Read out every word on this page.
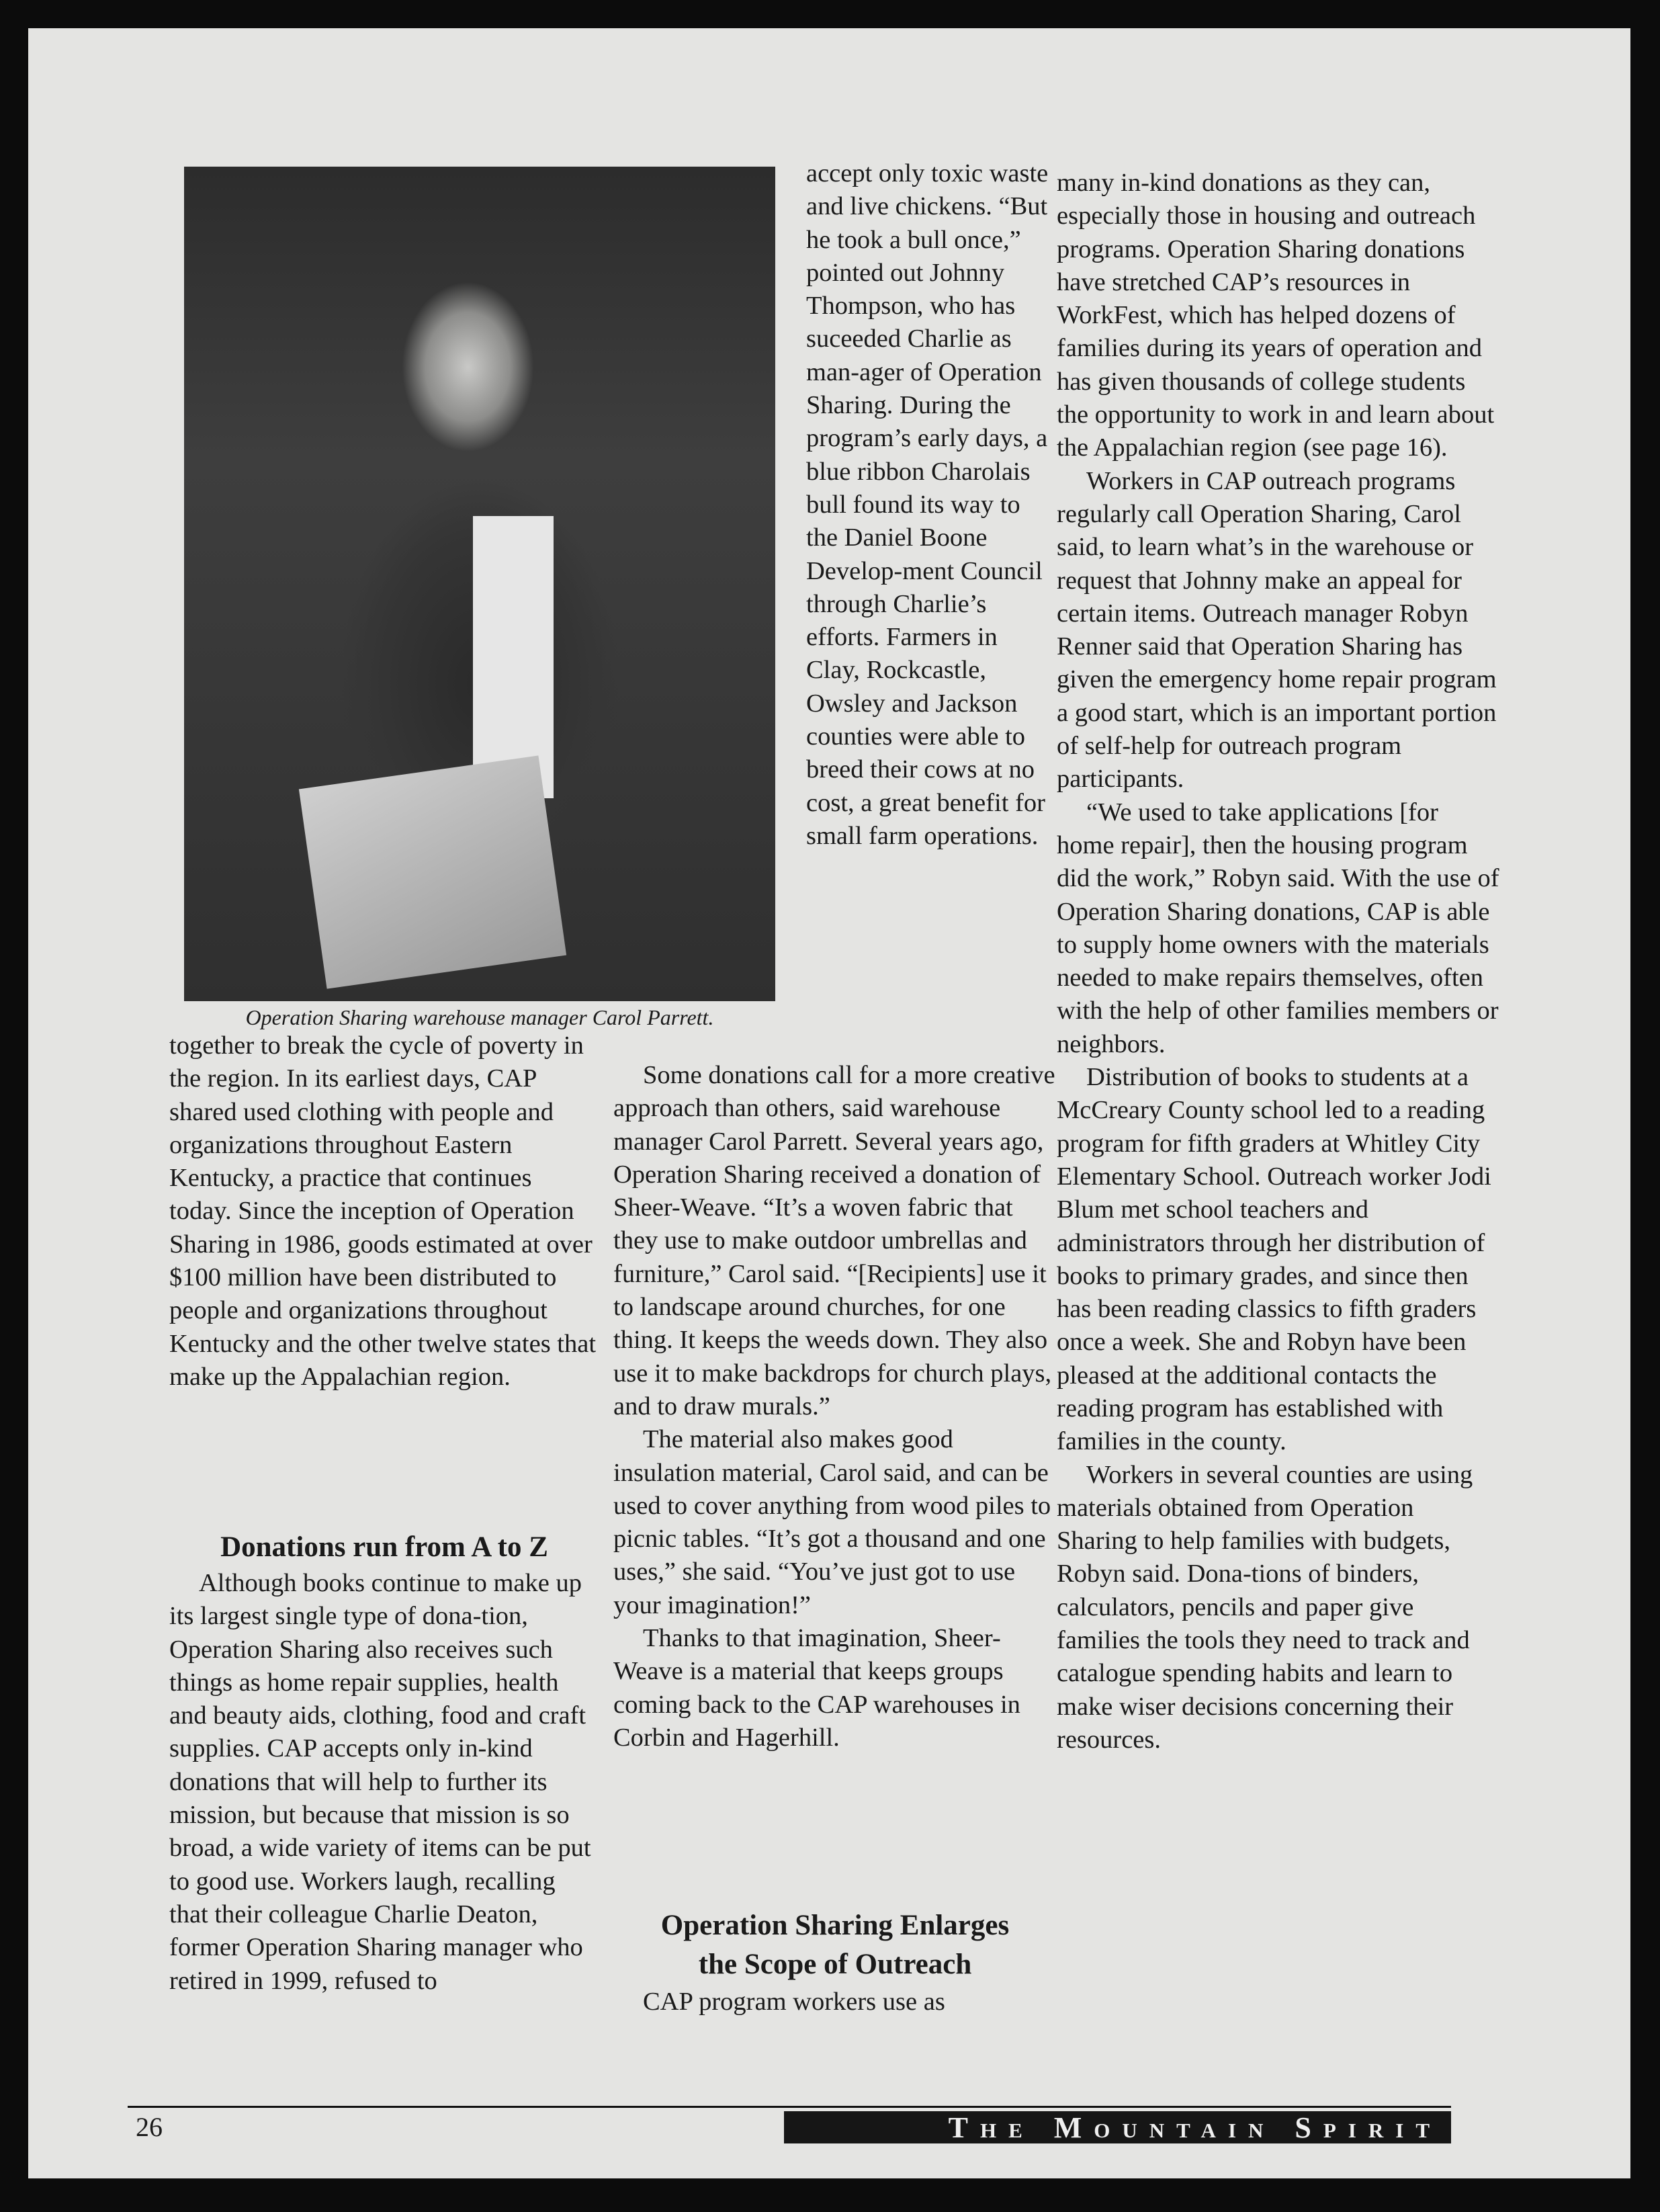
Operation Sharing warehouse manager Carol Parrett.

accept only toxic waste and live chickens. “But he took a bull once,” pointed out Johnny Thompson, who has suceeded Charlie as man-ager of Operation Sharing. During the program’s early days, a blue ribbon Charolais bull found its way to the Daniel Boone Develop-ment Council through Charlie’s efforts. Farmers in Clay, Rockcastle, Owsley and Jackson counties were able to breed their cows at no cost, a great benefit for small farm operations.

together to break the cycle of poverty in the region. In its earliest days, CAP shared used clothing with people and organizations throughout Eastern Kentucky, a practice that continues today. Since the inception of Operation Sharing in 1986, goods estimated at over $100 million have been distributed to people and organizations throughout Kentucky and the other twelve states that make up the Appalachian region.

Donations run from A to Z

Although books continue to make up its largest single type of dona-tion, Operation Sharing also receives such things as home repair supplies, health and beauty aids, clothing, food and craft supplies. CAP accepts only in-kind donations that will help to further its mission, but because that mission is so broad, a wide variety of items can be put to good use. Workers laugh, recalling that their colleague Charlie Deaton, former Operation Sharing manager who retired in 1999, refused to

Some donations call for a more creative approach than others, said warehouse manager Carol Parrett. Several years ago, Operation Sharing received a donation of Sheer-Weave. “It’s a woven fabric that they use to make outdoor umbrellas and furniture,” Carol said. “[Recipients] use it to landscape around churches, for one thing. It keeps the weeds down. They also use it to make backdrops for church plays, and to draw murals.”

The material also makes good insulation material, Carol said, and can be used to cover anything from wood piles to picnic tables. “It’s got a thousand and one uses,” she said. “You’ve just got to use your imagination!”

Thanks to that imagination, Sheer-Weave is a material that keeps groups coming back to the CAP warehouses in Corbin and Hagerhill.

Operation Sharing Enlarges
the Scope of Outreach

CAP program workers use as

many in-kind donations as they can, especially those in housing and outreach programs. Operation Sharing donations have stretched CAP’s resources in WorkFest, which has helped dozens of families during its years of operation and has given thousands of college students the opportunity to work in and learn about the Appalachian region (see page 16).

Workers in CAP outreach programs regularly call Operation Sharing, Carol said, to learn what’s in the warehouse or request that Johnny make an appeal for certain items. Outreach manager Robyn Renner said that Operation Sharing has given the emergency home repair program a good start, which is an important portion of self-help for outreach program participants.

“We used to take applications [for home repair], then the housing program did the work,” Robyn said. With the use of Operation Sharing donations, CAP is able to supply home owners with the materials needed to make repairs themselves, often with the help of other families members or neighbors.

Distribution of books to students at a McCreary County school led to a reading program for fifth graders at Whitley City Elementary School. Outreach worker Jodi Blum met school teachers and administrators through her distribution of books to primary grades, and since then has been reading classics to fifth graders once a week. She and Robyn have been pleased at the additional contacts the reading program has established with families in the county.

Workers in several counties are using materials obtained from Operation Sharing to help families with budgets, Robyn said. Dona-tions of binders, calculators, pencils and paper give families the tools they need to track and catalogue spending habits and learn to make wiser decisions concerning their resources.

26	The Mountain Spirit
